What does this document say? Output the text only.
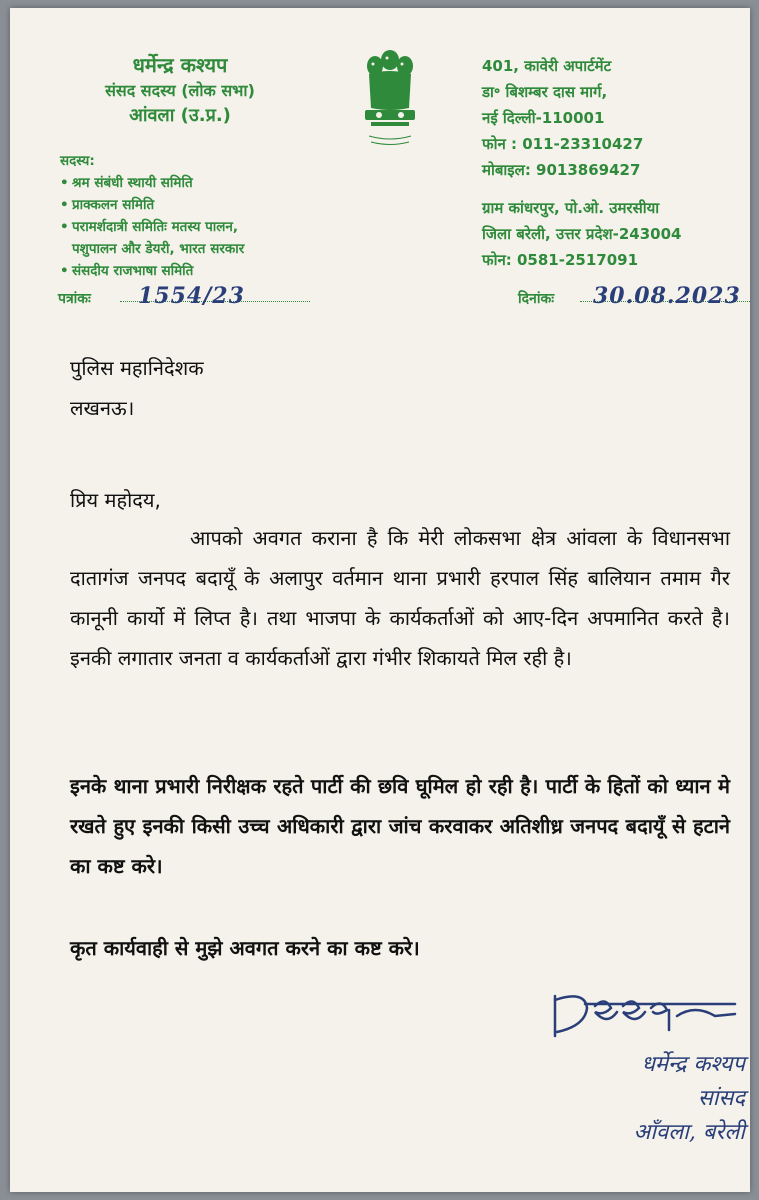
धर्मेन्द्र कश्यप
संसद सदस्य (लोक सभा)
आंवला (उ.प्र.)
401, कावेरी अपार्टमेंट
डा॰ बिशम्बर दास मार्ग,
नई दिल्ली-110001
फोन : 011-23310427
मोबाइल: 9013869427
ग्राम कांधरपुर, पो.ओ. उमरसीया
जिला बरेली, उत्तर प्रदेश-243004
फोन: 0581-2517091
सदस्य:
• श्रम संबंधी स्थायी समिति
• प्राक्कलन समिति
• परामर्शदात्री समितिः मतस्य पालन,
पशुपालन और डेयरी, भारत सरकार
• संसदीय राजभाषा समिति
पत्रांकः 1554/23	दिनांकः 30.08.2023
पुलिस महानिदेशक
लखनऊ।
प्रिय महोदय,
आपको अवगत कराना है कि मेरी लोकसभा क्षेत्र आंवला के विधानसभा दातागंज जनपद बदायूँ के अलापुर वर्तमान थाना प्रभारी हरपाल सिंह बालियान तमाम गैर कानूनी कार्यो में लिप्त है। तथा भाजपा के कार्यकर्ताओं को आए-दिन अपमानित करते है। इनकी लगातार जनता व कार्यकर्ताओं द्वारा गंभीर शिकायते मिल रही है।
इनके थाना प्रभारी निरीक्षक रहते पार्टी की छवि घूमिल हो रही है। पार्टी के हितों को ध्यान मे रखते हुए इनकी किसी उच्च अधिकारी द्वारा जांच करवाकर अतिशीध्र जनपद बदायूँ से हटाने का कष्ट करे।
कृत कार्यवाही से मुझे अवगत करने का कष्ट करे।
धर्मेन्द्र कश्यप
सांसद
आँवला, बरेली
